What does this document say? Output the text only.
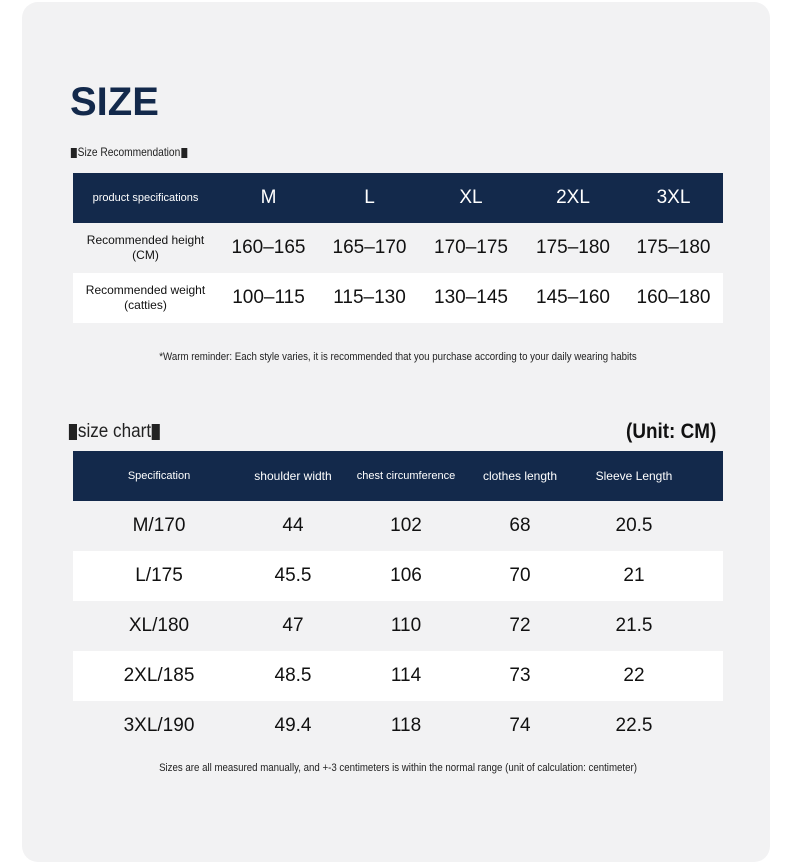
SIZE
Size Recommendation
product specifications	M	L	XL	2XL	3XL
Recommended height (CM)	160–165	165–170	170–175	175–180	175–180
Recommended weight (catties)	100–115	115–130	130–145	145–160	160–180
*Warm reminder: Each style varies, it is recommended that you purchase according to your daily wearing habits
size chart	(Unit: CM)
Specification	shoulder width	chest circumference	clothes length	Sleeve Length	
M/170	44	102	68	20.5	
L/175	45.5	106	70	21	
XL/180	47	110	72	21.5	
2XL/185	48.5	114	73	22	
3XL/190	49.4	118	74	22.5	
Sizes are all measured manually, and +-3 centimeters is within the normal range (unit of calculation: centimeter)
